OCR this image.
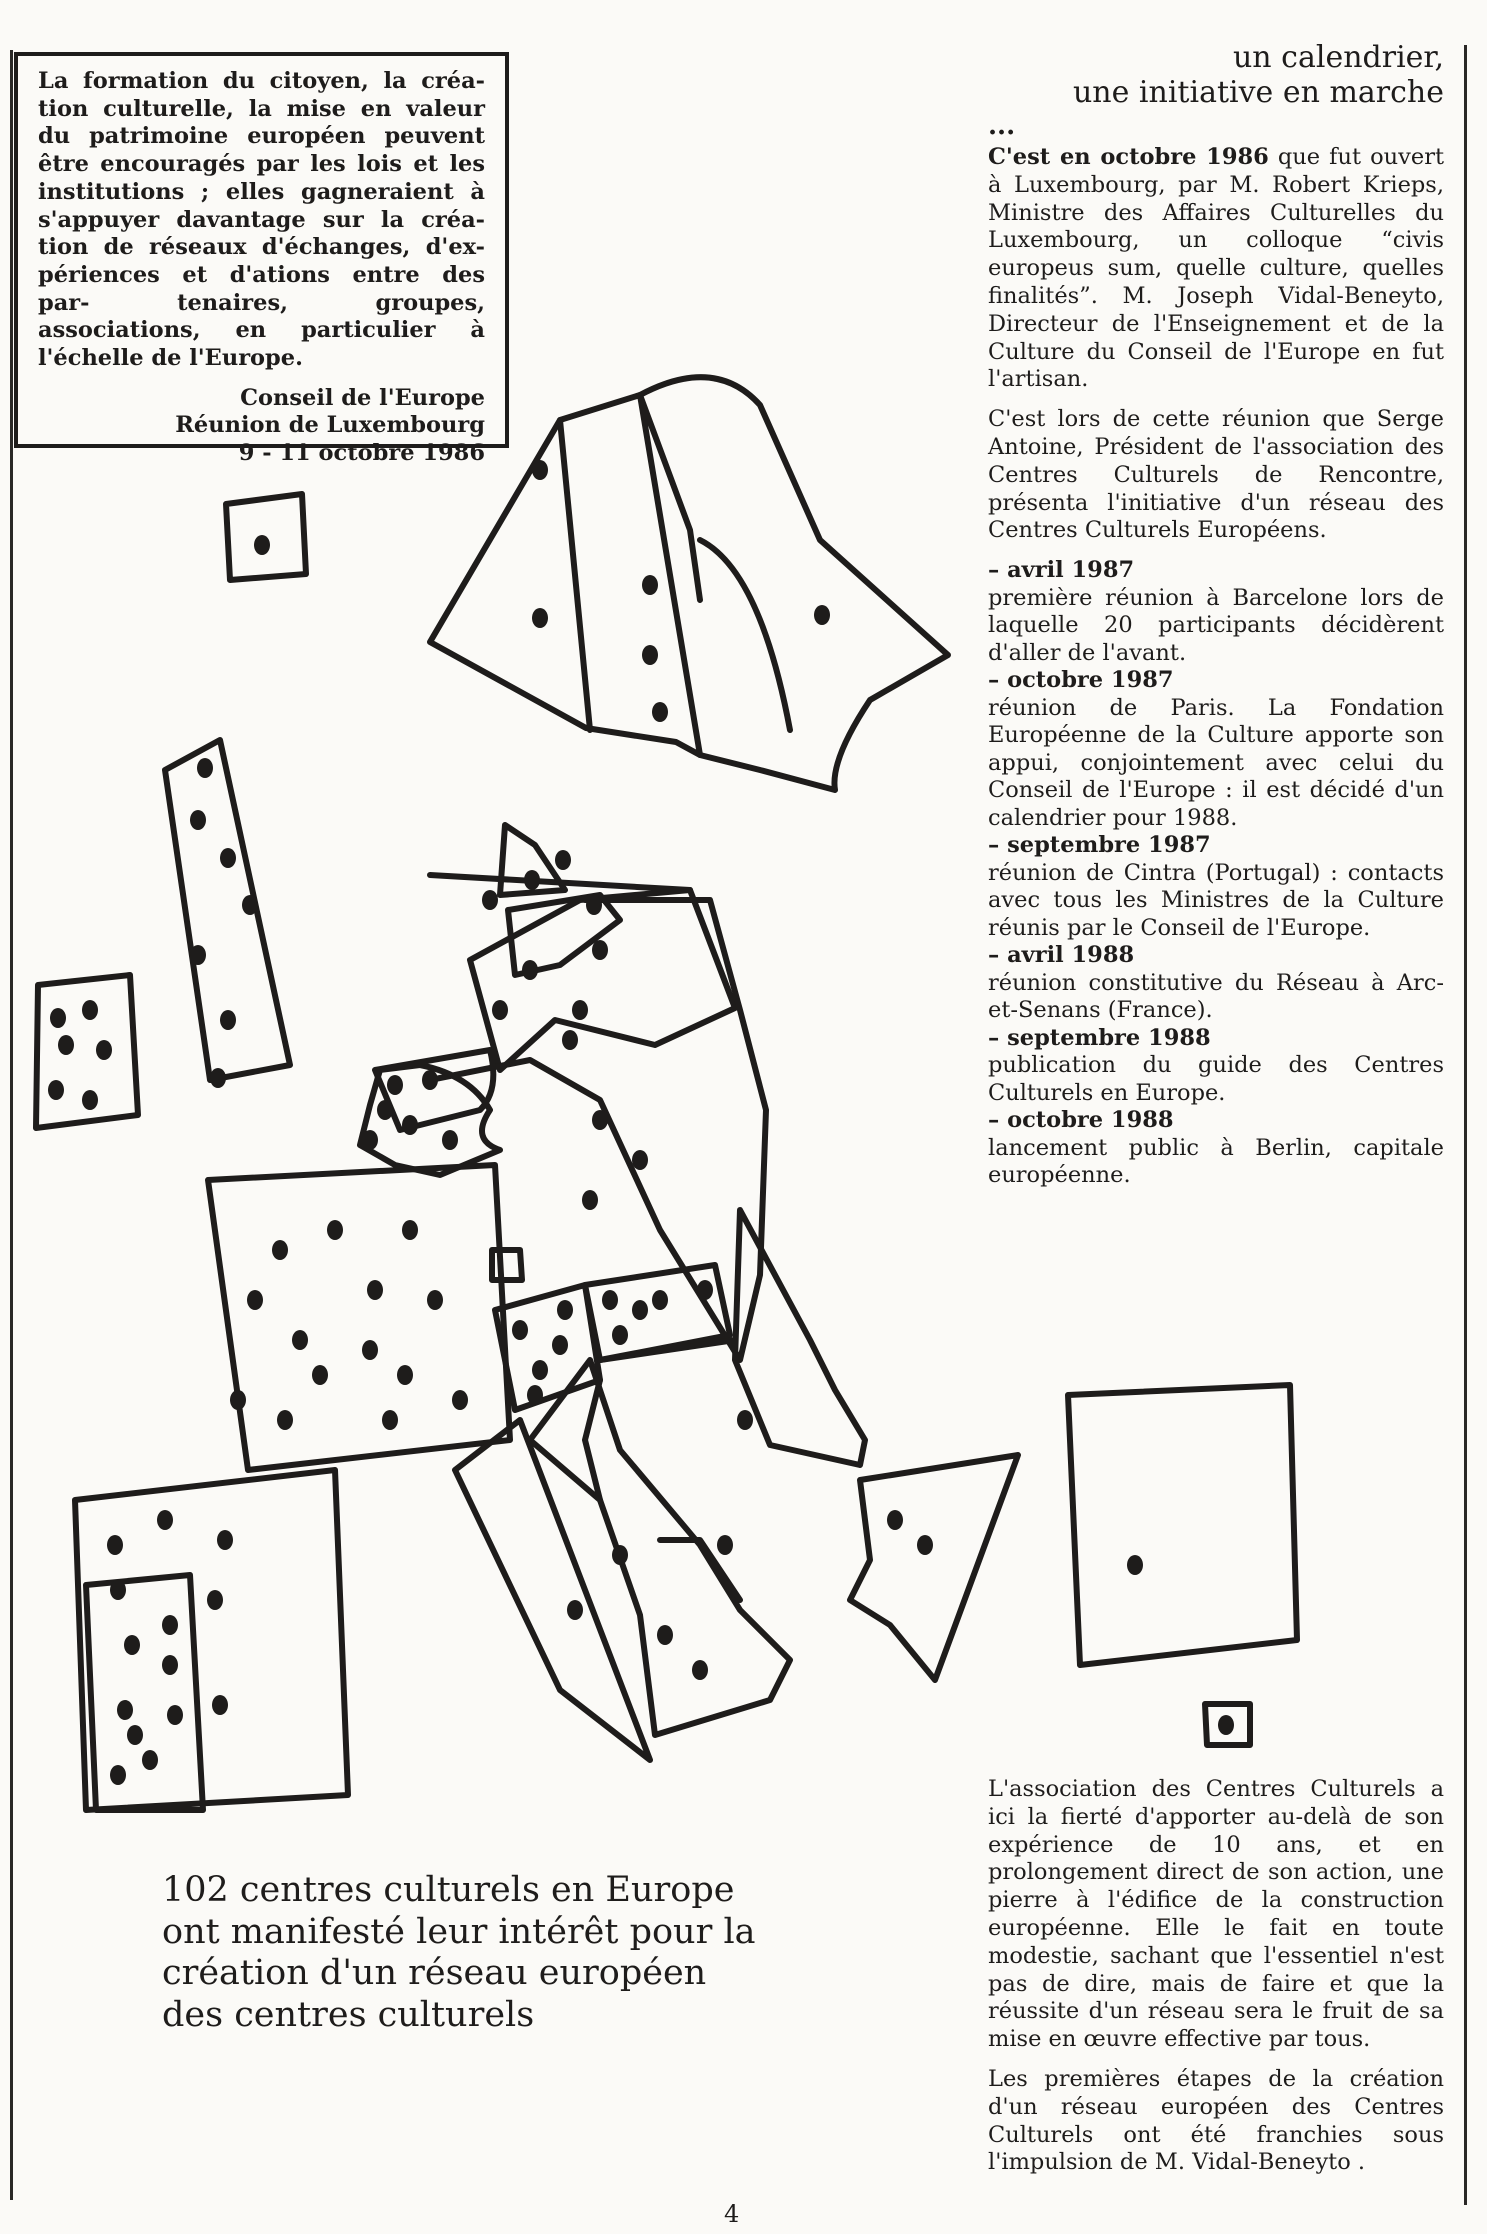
La formation du citoyen, la créa- tion culturelle, la mise en valeur du patrimoine européen peuvent être encouragés par les lois et les institutions ; elles gagneraient à s'appuyer davantage sur la créa- tion de réseaux d'échanges, d'ex- périences et d'ations entre des par-	tenaires, groupes, associations, en particulier à l'échelle de l'Europe.

Conseil de l'Europe
Réunion de Luxembourg
9 - 11 octobre 1986

un calendrier,

une initiative en marche

...

C'est en octobre 1986 que fut ouvert à Luxembourg, par M. Robert Krieps, Ministre des Affaires Culturelles du Luxembourg, un colloque “civis europeus sum, quelle culture, quelles finalités”. M. Joseph Vidal-Beneyto, Directeur de l'Enseignement et de la Culture du Conseil de l'Europe en fut l'artisan.

C'est lors de cette réunion que Serge Antoine, Président de l'association des Centres Culturels de Rencontre, présenta l'initiative d'un réseau des Centres Culturels Européens.

– avril 1987

première réunion à Barcelone lors de laquelle 20 participants décidèrent d'aller de l'avant.

– octobre 1987

réunion de Paris. La Fondation Européenne de la Culture apporte son appui, conjointement avec celui du Conseil de l'Europe : il est décidé d'un calendrier pour 1988.

– septembre 1987

réunion de Cintra (Portugal) : contacts avec tous les Ministres de la Culture réunis par le Conseil de l'Europe.

– avril 1988

réunion constitutive du Réseau à Arc-et-Senans (France).

– septembre 1988

publication du guide des Centres Culturels en Europe.

– octobre 1988

lancement public à Berlin, capitale européenne.

L'association des Centres Culturels a ici la fierté d'apporter au-delà de son expérience de 10 ans, et en prolongement direct de son action, une pierre à l'édifice de la construction européenne. Elle le fait en toute modestie, sachant que l'essentiel n'est pas de dire, mais de faire et que la réussite d'un réseau sera le fruit de sa mise en œuvre effective par tous.

Les premières étapes de la création d'un réseau européen des Centres Culturels ont été franchies sous l'impulsion de M. Vidal-Beneyto .

102 centres culturels en Europe
ont manifesté leur intérêt pour la
création d'un réseau européen
des centres culturels
4
